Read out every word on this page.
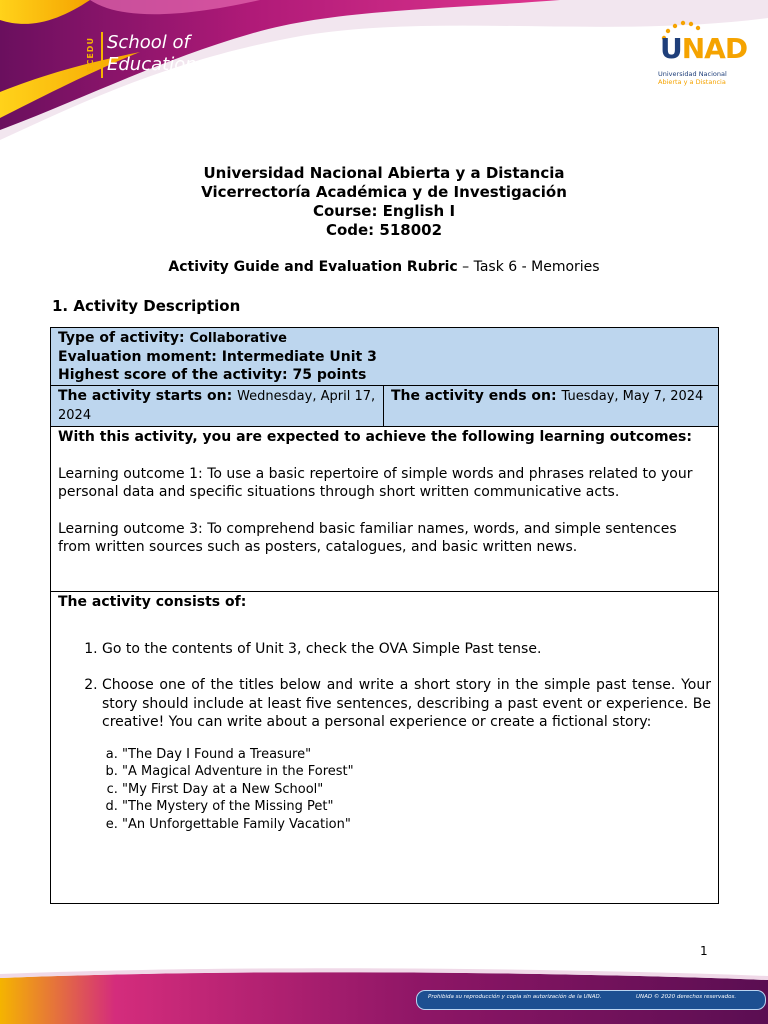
ECEDU School of
Education	UNAD
Universidad Nacional
Abierta y a Distancia
Universidad Nacional Abierta y a Distancia
Vicerrectoría Académica y de Investigación
Course: English I
Code: 518002
Activity Guide and Evaluation Rubric – Task 6 - Memories
1. Activity Description
Type of activity: Collaborative
Evaluation moment: Intermediate Unit 3
Highest score of the activity: 75 points

The activity starts on: Wednesday, April 17, 2024	The activity ends on: Tuesday, May 7, 2024

With this activity, you are expected to achieve the following learning outcomes:

Learning outcome 1: To use a basic repertoire of simple words and phrases related to your personal data and specific situations through short written communicative acts.

Learning outcome 3: To comprehend basic familiar names, words, and simple sentences from written sources such as posters, catalogues, and basic written news.

The activity consists of:
1. Go to the contents of Unit 3, check the OVA Simple Past tense.
2. Choose one of the titles below and write a short story in the simple past tense. Your story should include at least five sentences, describing a past event or experience. Be creative! You can write about a personal experience or create a fictional story:
a. "The Day I Found a Treasure"
b. "A Magical Adventure in the Forest"
c. "My First Day at a New School"
d. "The Mystery of the Missing Pet"
e. "An Unforgettable Family Vacation"
1
Prohibida su reproducción y copia sin autorización de la UNAD.	UNAD © 2020 derechos reservados.
